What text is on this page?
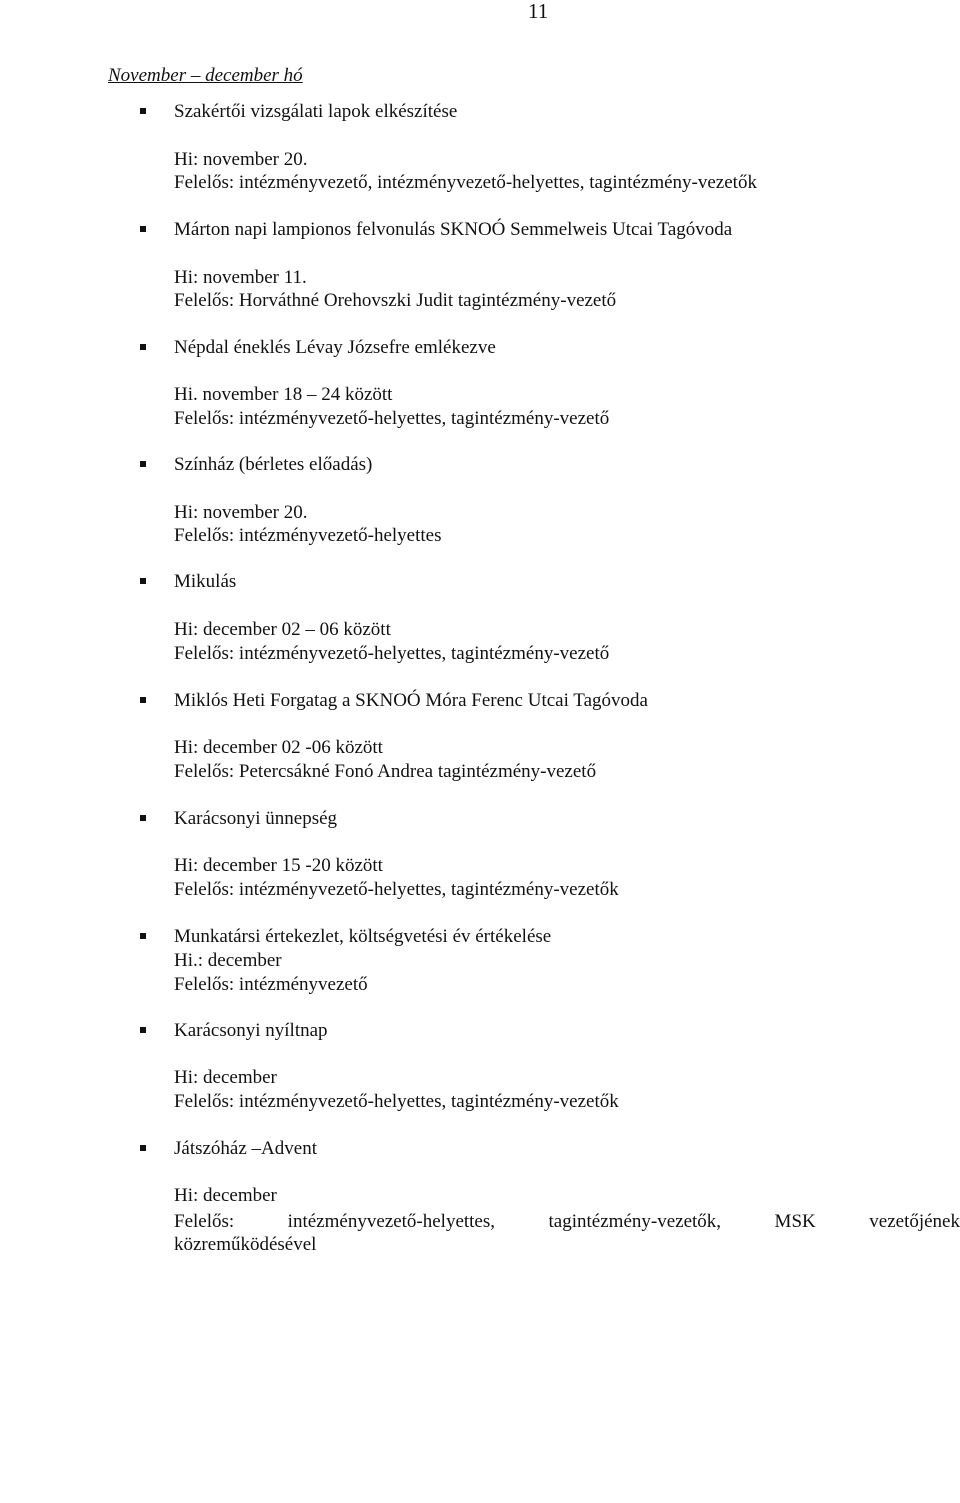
11
November – december hó
Szakértői vizsgálati lapok elkészítése
Hi: november 20.
Felelős: intézményvezető, intézményvezető-helyettes, tagintézmény-vezetők
Márton napi lampionos felvonulás SKNOÓ Semmelweis Utcai Tagóvoda
Hi: november 11.
Felelős: Horváthné Orehovszki Judit tagintézmény-vezető
Népdal éneklés Lévay Józsefre emlékezve
Hi. november 18 – 24 között
Felelős: intézményvezető-helyettes, tagintézmény-vezető
Színház (bérletes előadás)
Hi: november 20.
Felelős: intézményvezető-helyettes
Mikulás
Hi: december 02 – 06 között
Felelős: intézményvezető-helyettes, tagintézmény-vezető
Miklós Heti Forgatag a SKNOÓ Móra Ferenc Utcai Tagóvoda
Hi: december 02 -06 között
Felelős: Petercsákné Fonó Andrea tagintézmény-vezető
Karácsonyi ünnepség
Hi: december 15 -20 között
Felelős: intézményvezető-helyettes, tagintézmény-vezetők
Munkatársi értekezlet, költségvetési év értékelése
Hi.: december
Felelős: intézményvezető
Karácsonyi nyíltnap
Hi: december
Felelős: intézményvezető-helyettes, tagintézmény-vezetők
Játszóház –Advent
Hi: december
Felelős: intézményvezető-helyettes, tagintézmény-vezetők, MSK vezetőjének
közreműködésével
